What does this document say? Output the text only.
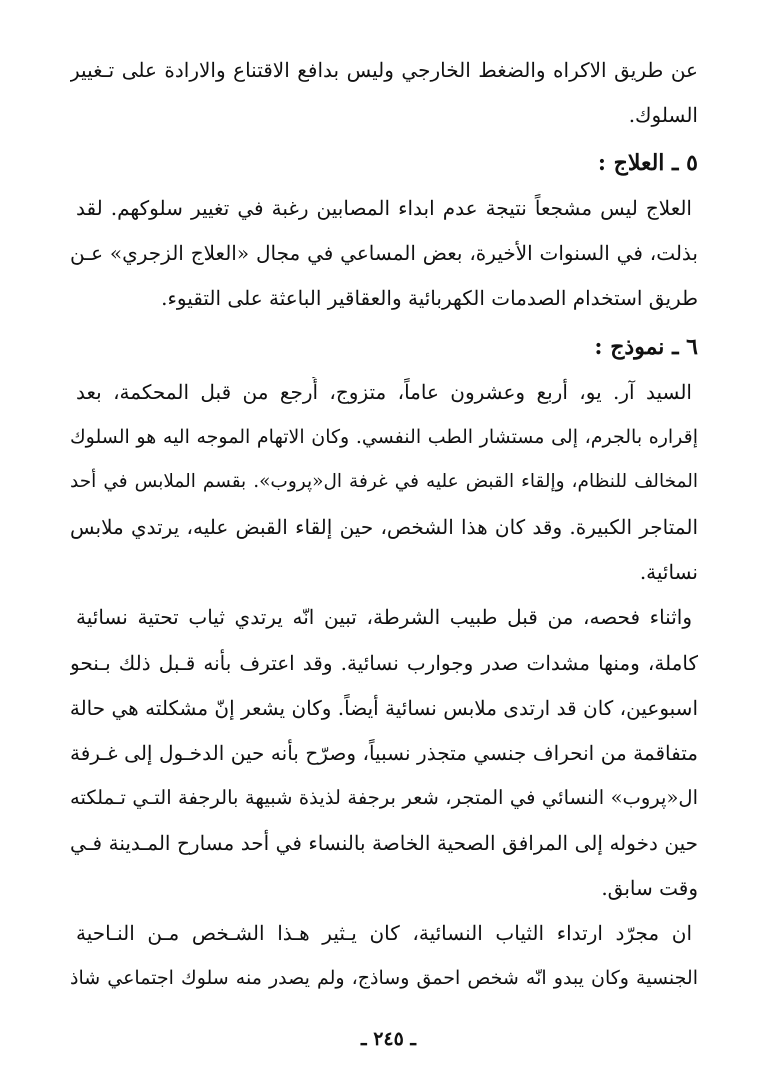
عن طريق الاكراه والضغط الخارجي وليس بدافع الاقتناع والارادة على تـغيير
السلوك.
٥ ـ العلاج :
العلاج ليس مشجعاً نتيجة عدم ابداء المصابين رغبة في تغيير سلوكهم. لقد
بذلت، في السنوات الأخيرة، بعض المساعي في مجال «العلاج الزجري» عـن
طريق استخدام الصدمات الكهربائية والعقاقير الباعثة على التقيوء.
٦ ـ نموذج :
السيد آر. يو، أربع وعشرون عاماً، متزوج، أُرجع من قبل المحكمة، بعد
إقراره بالجرم، إلى مستشار الطب النفسي. وكان الاتهام الموجه اليه هو السلوك
المخالف للنظام، وإلقاء القبض عليه في غرفة ال«پروب». بقسم الملابس في أحد
المتاجر الكبيرة. وقد كان هذا الشخص، حين إلقاء القبض عليه، يرتدي ملابس
نسائية.
واثناء فحصه، من قبل طبيب الشرطة، تبين انّه يرتدي ثياب تحتية نسائية
كاملة، ومنها مشدات صدر وجوارب نسائية. وقد اعترف بأنه قـبل ذلك بـنحو
اسبوعين، كان قد ارتدى ملابس نسائية أيضاً. وكان يشعر إنّ مشكلته هي حالة
متفاقمة من انحراف جنسي متجذر نسبياً، وصرّح بأنه حين الدخـول إلى غـرفة
ال«پروب» النسائي في المتجر، شعر برجفة لذيذة شبيهة بالرجفة التـي تـملكته
حين دخوله إلى المرافق الصحية الخاصة بالنساء في أحد مسارح المـدينة فـي
وقت سابق.
ان مجرّد ارتداء الثياب النسائية، كان يـثير هـذا الشـخص مـن النـاحية
الجنسية وكان يبدو انّه شخص احمق وساذج، ولم يصدر منه سلوك اجتماعي شاذ
ـ ٢٤٥ ـ
